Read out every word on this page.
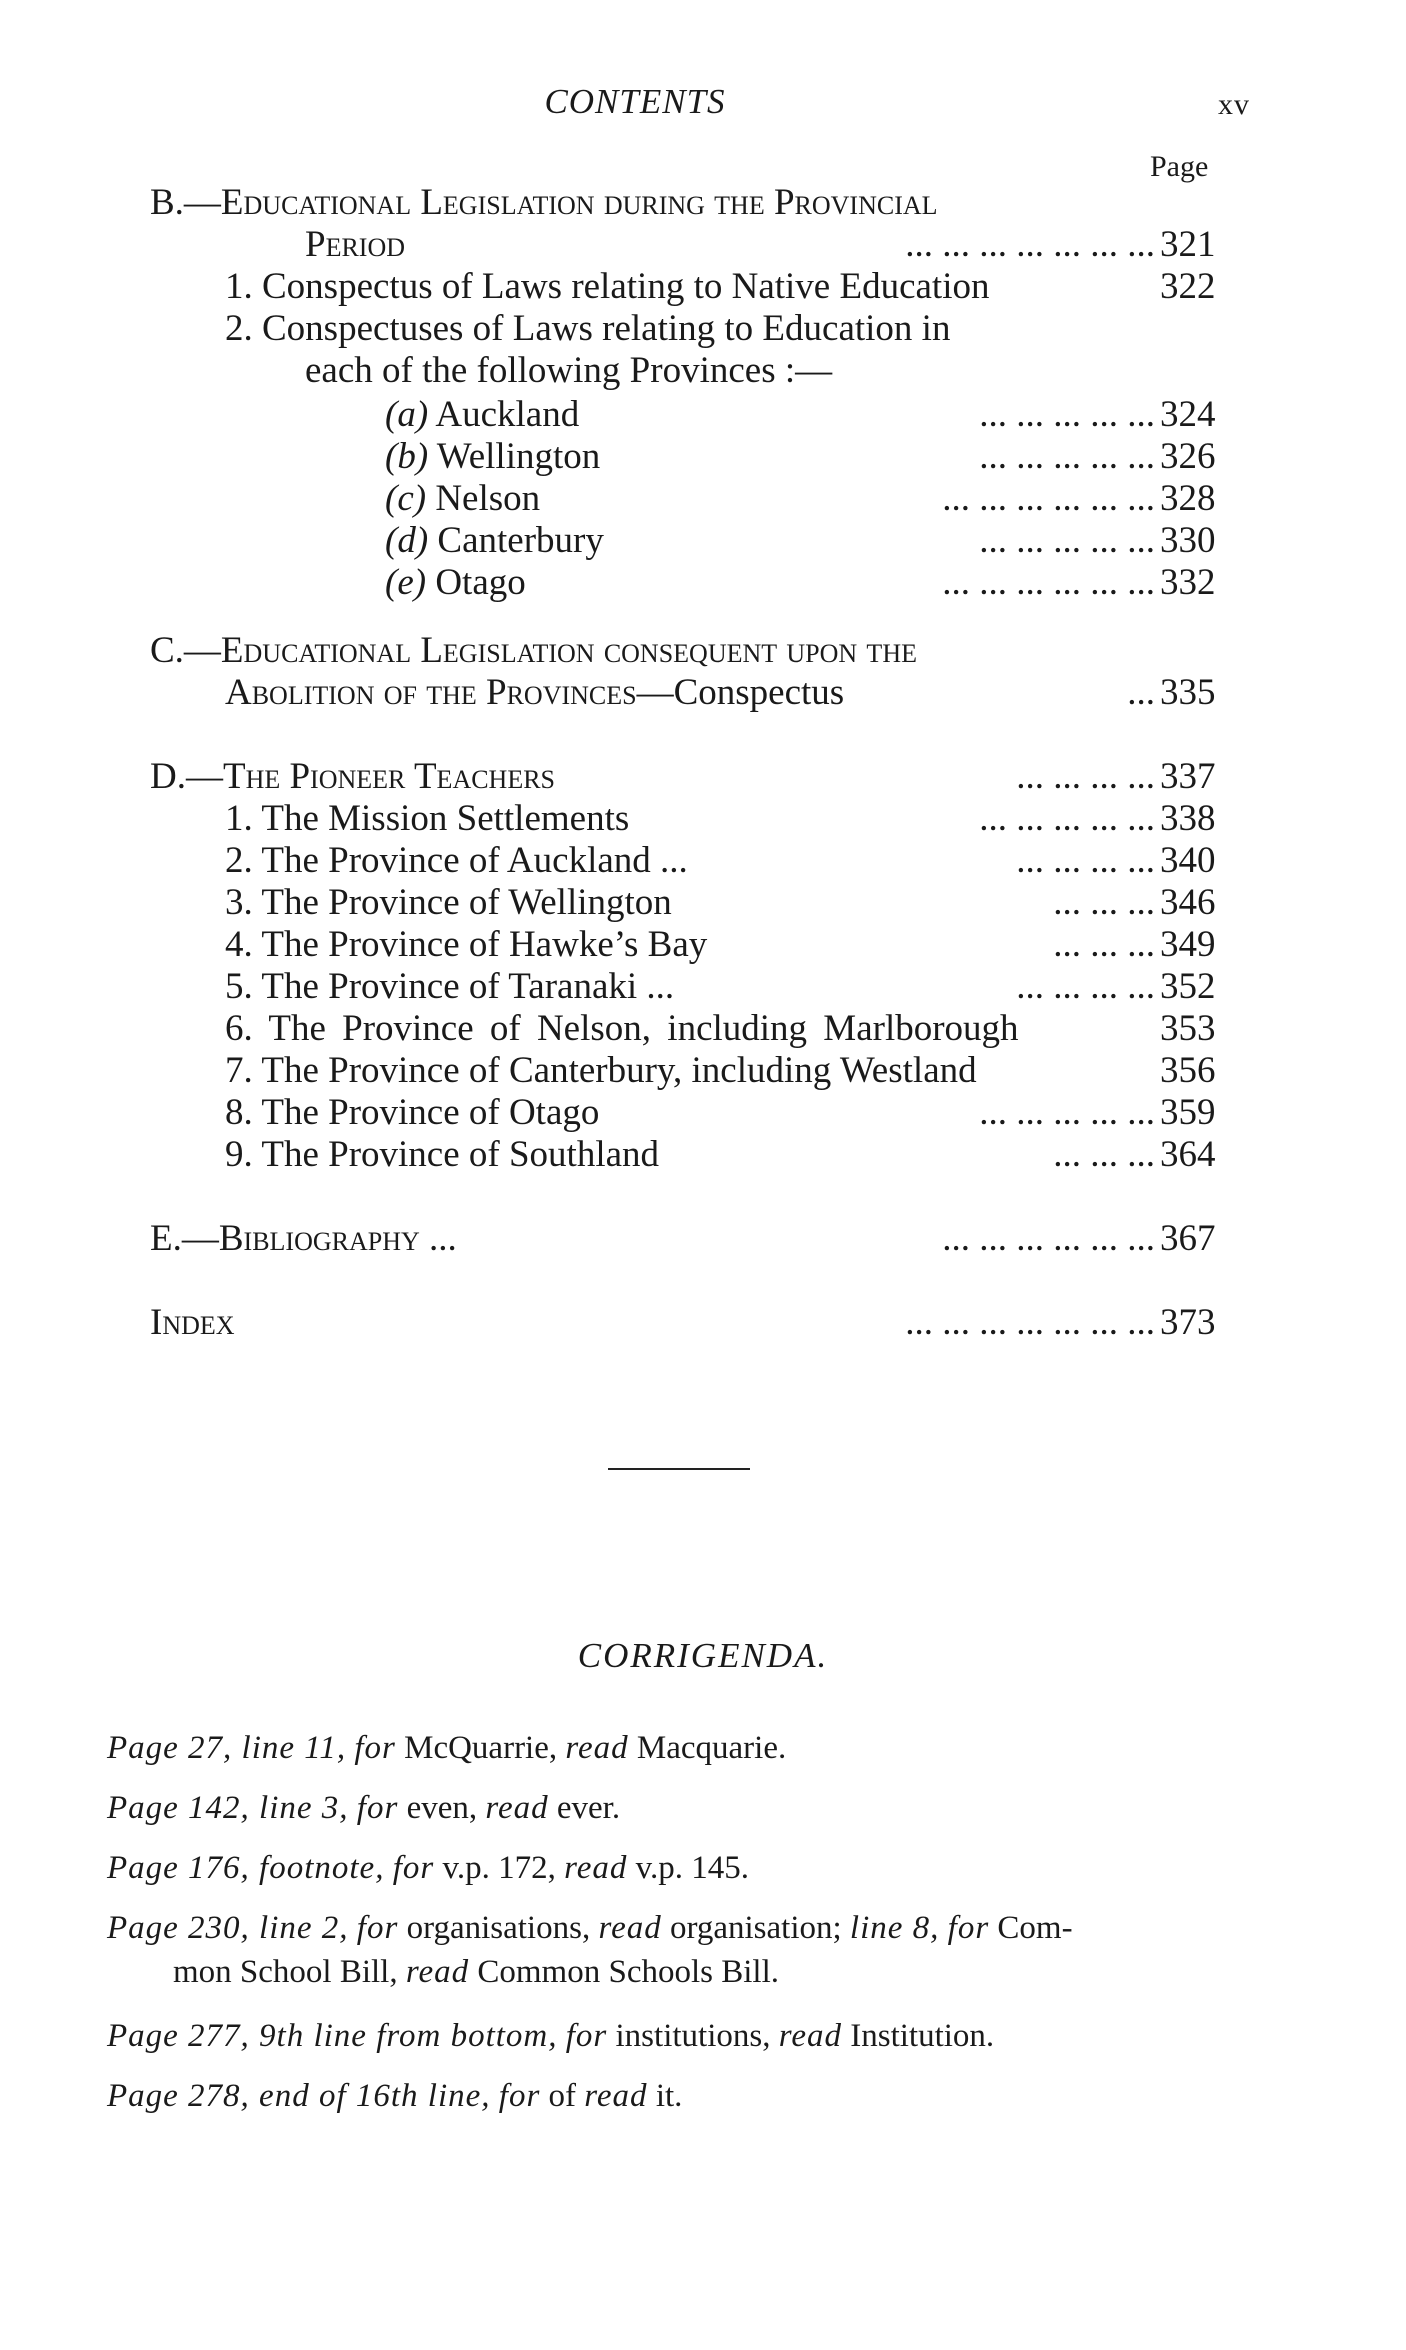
CONTENTS	xv
Page
B.—Educational Legislation during the Provincial
Period	... ... ... ... ... ... ... 321
1. Conspectus of Laws relating to Native Education	322
2. Conspectuses of Laws relating to Education in
each of the following Provinces :—
(a) Auckland	... ... ... ... ... 324
(b) Wellington	... ... ... ... ... 326
(c) Nelson	... ... ... ... ... ... 328
(d) Canterbury	... ... ... ... ... 330
(e) Otago	... ... ... ... ... ... 332
C.—Educational Legislation consequent upon the
Abolition of the Provinces—Conspectus	... 335
D.—The Pioneer Teachers	... ... ... ... 337
1. The Mission Settlements	... ... ... ... ... 338
2. The Province of Auckland ...	... ... ... ... 340
3. The Province of Wellington	... ... ... 346
4. The Province of Hawke’s Bay	... ... ... 349
5. The Province of Taranaki ...	... ... ... ... 352
6. The Province of Nelson, including Marlborough	353
7. The Province of Canterbury, including Westland	356
8. The Province of Otago	... ... ... ... ... 359
9. The Province of Southland	... ... ... 364
E.—Bibliography ...	... ... ... ... ... ... 367
Index	... ... ... ... ... ... ... 373
CORRIGENDA.
Page 27, line 11, for McQuarrie, read Macquarie.
Page 142, line 3, for even, read ever.
Page 176, footnote, for v.p. 172, read v.p. 145.
Page 230, line 2, for organisations, read organisation; line 8, for Com-
mon School Bill, read Common Schools Bill.
Page 277, 9th line from bottom, for institutions, read Institution.
Page 278, end of 16th line, for of read it.
